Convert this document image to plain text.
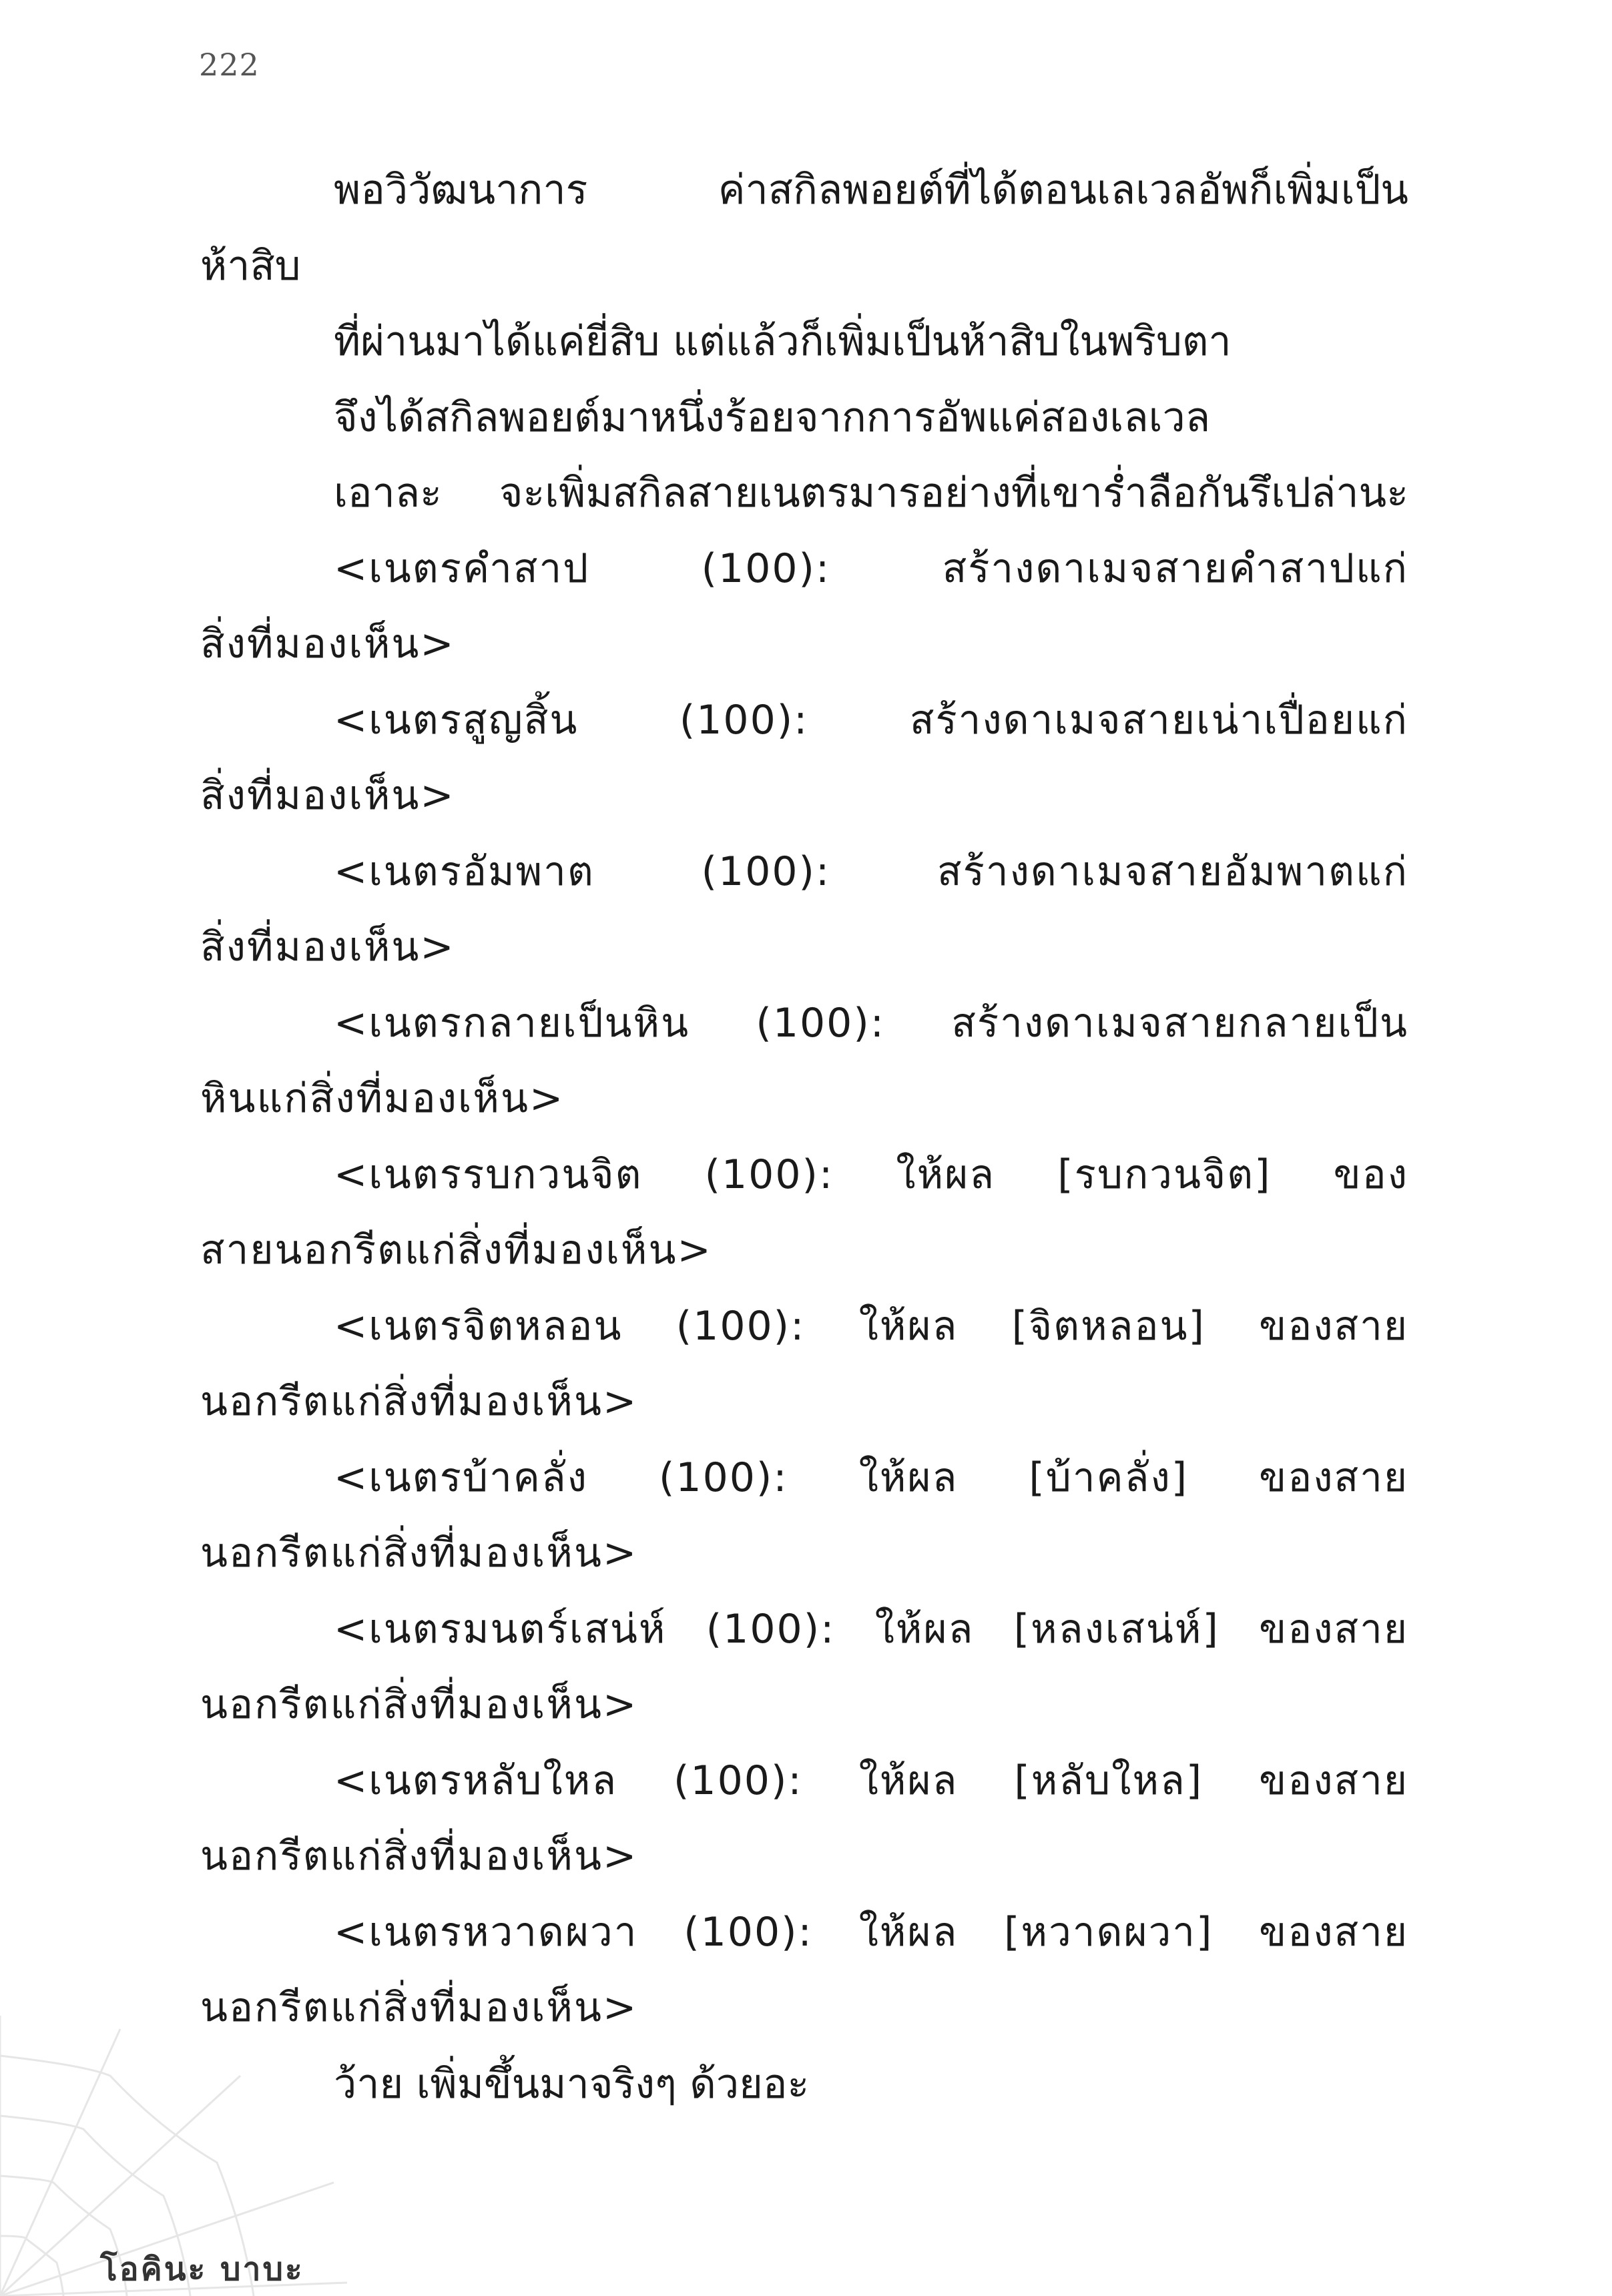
222
พอวิวัฒนาการ ค่าสกิลพอยต์ที่ได้ตอนเลเวลอัพก็เพิ่มเป็น
ห้าสิบ
ที่ผ่านมาได้แค่ยี่สิบ แต่แล้วก็เพิ่มเป็นห้าสิบในพริบตา
จึงได้สกิลพอยต์มาหนึ่งร้อยจากการอัพแค่สองเลเวล
เอาละ จะเพิ่มสกิลสายเนตรมารอย่างที่เขาร่ำลือกันรึเปล่านะ
<เนตรคำสาป (100): สร้างดาเมจสายคำสาปแก่
สิ่งที่มองเห็น>
<เนตรสูญสิ้น (100): สร้างดาเมจสายเน่าเปื่อยแก่
สิ่งที่มองเห็น>
<เนตรอัมพาต (100): สร้างดาเมจสายอัมพาตแก่
สิ่งที่มองเห็น>
<เนตรกลายเป็นหิน (100): สร้างดาเมจสายกลายเป็น
หินแก่สิ่งที่มองเห็น>
<เนตรรบกวนจิต (100): ให้ผล [รบกวนจิต] ของ
สายนอกรีตแก่สิ่งที่มองเห็น>
<เนตรจิตหลอน (100): ให้ผล [จิตหลอน] ของสาย
นอกรีตแก่สิ่งที่มองเห็น>
<เนตรบ้าคลั่ง (100): ให้ผล [บ้าคลั่ง] ของสาย
นอกรีตแก่สิ่งที่มองเห็น>
<เนตรมนตร์เสน่ห์ (100): ให้ผล [หลงเสน่ห์] ของสาย
นอกรีตแก่สิ่งที่มองเห็น>
<เนตรหลับใหล (100): ให้ผล [หลับใหล] ของสาย
นอกรีตแก่สิ่งที่มองเห็น>
<เนตรหวาดผวา (100): ให้ผล [หวาดผวา] ของสาย
นอกรีตแก่สิ่งที่มองเห็น>
ว้าย เพิ่มขึ้นมาจริงๆ ด้วยอะ
โอคินะ บาบะ
